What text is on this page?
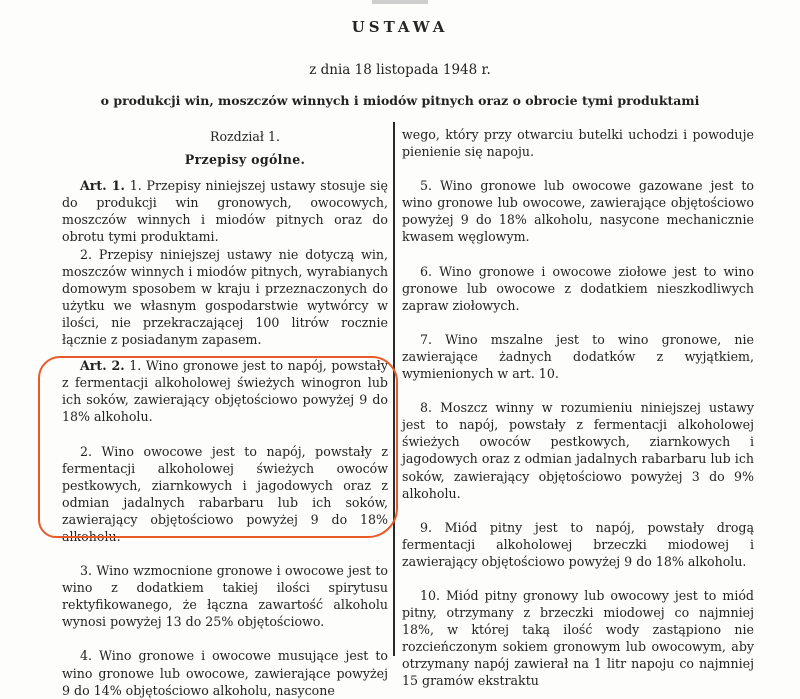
USTAWA
z dnia 18 listopada 1948 r.
o produkcji win, moszczów winnych i miodów pitnych oraz o obrocie tymi produktami
Rozdział 1.
Przepisy ogólne.

Art. 1. 1. Przepisy niniejszej ustawy stosuje się do produkcji win gronowych, owocowych, moszczów winnych i miodów pitnych oraz do obrotu tymi produktami.

2. Przepisy niniejszej ustawy nie dotyczą win, moszczów winnych i miodów pitnych, wyrabianych domowym sposobem w kraju i przeznaczonych do użytku we własnym gospodarstwie wytwórcy w ilości, nie przekraczającej 100 litrów rocznie łącznie z posiadanym zapasem.

Art. 2. 1. Wino gronowe jest to napój, powstały z fermentacji alkoholowej świeżych winogron lub ich soków, zawierający objętościowo powyżej 9 do 18% alkoholu.

2. Wino owocowe jest to napój, powstały z fermentacji alkoholowej świeżych owoców pestkowych, ziarnkowych i jagodowych oraz z odmian jadalnych rabarbaru lub ich soków, zawierający objętościowo powyżej 9 do 18% alkoholu.

3. Wino wzmocnione gronowe i owocowe jest to wino z dodatkiem takiej ilości spirytusu rektyfikowanego, że łączna zawartość alkoholu wynosi powyżej 13 do 25% objętościowo.

4. Wino gronowe i owocowe musujące jest to wino gronowe lub owocowe, zawierające powyżej 9 do 14% objętościowo alkoholu, nasycone

wego, który przy otwarciu butelki uchodzi i powoduje pienienie się napoju.

5. Wino gronowe lub owocowe gazowane jest to wino gronowe lub owocowe, zawierające objętościowo powyżej 9 do 18% alkoholu, nasycone mechanicznie kwasem węglowym.

6. Wino gronowe i owocowe ziołowe jest to wino gronowe lub owocowe z dodatkiem nieszkodliwych zapraw ziołowych.

7. Wino mszalne jest to wino gronowe, nie zawierające żadnych dodatków z wyjątkiem, wymienionych w art. 10.

8. Moszcz winny w rozumieniu niniejszej ustawy jest to napój, powstały z fermentacji alkoholowej świeżych owoców pestkowych, ziarnkowych i jagodowych oraz z odmian jadalnych rabarbaru lub ich soków, zawierający objętościowo powyżej 3 do 9% alkoholu.

9. Miód pitny jest to napój, powstały drogą fermentacji alkoholowej brzeczki miodowej i zawierający objętościowo powyżej 9 do 18% alkoholu.

10. Miód pitny gronowy lub owocowy jest to miód pitny, otrzymany z brzeczki miodowej co najmniej 18%, w której taką ilość wody zastąpiono nie rozcieńczonym sokiem gronowym lub owocowym, aby otrzymany napój zawierał na 1 litr napoju co najmniej 15 gramów ekstraktu
